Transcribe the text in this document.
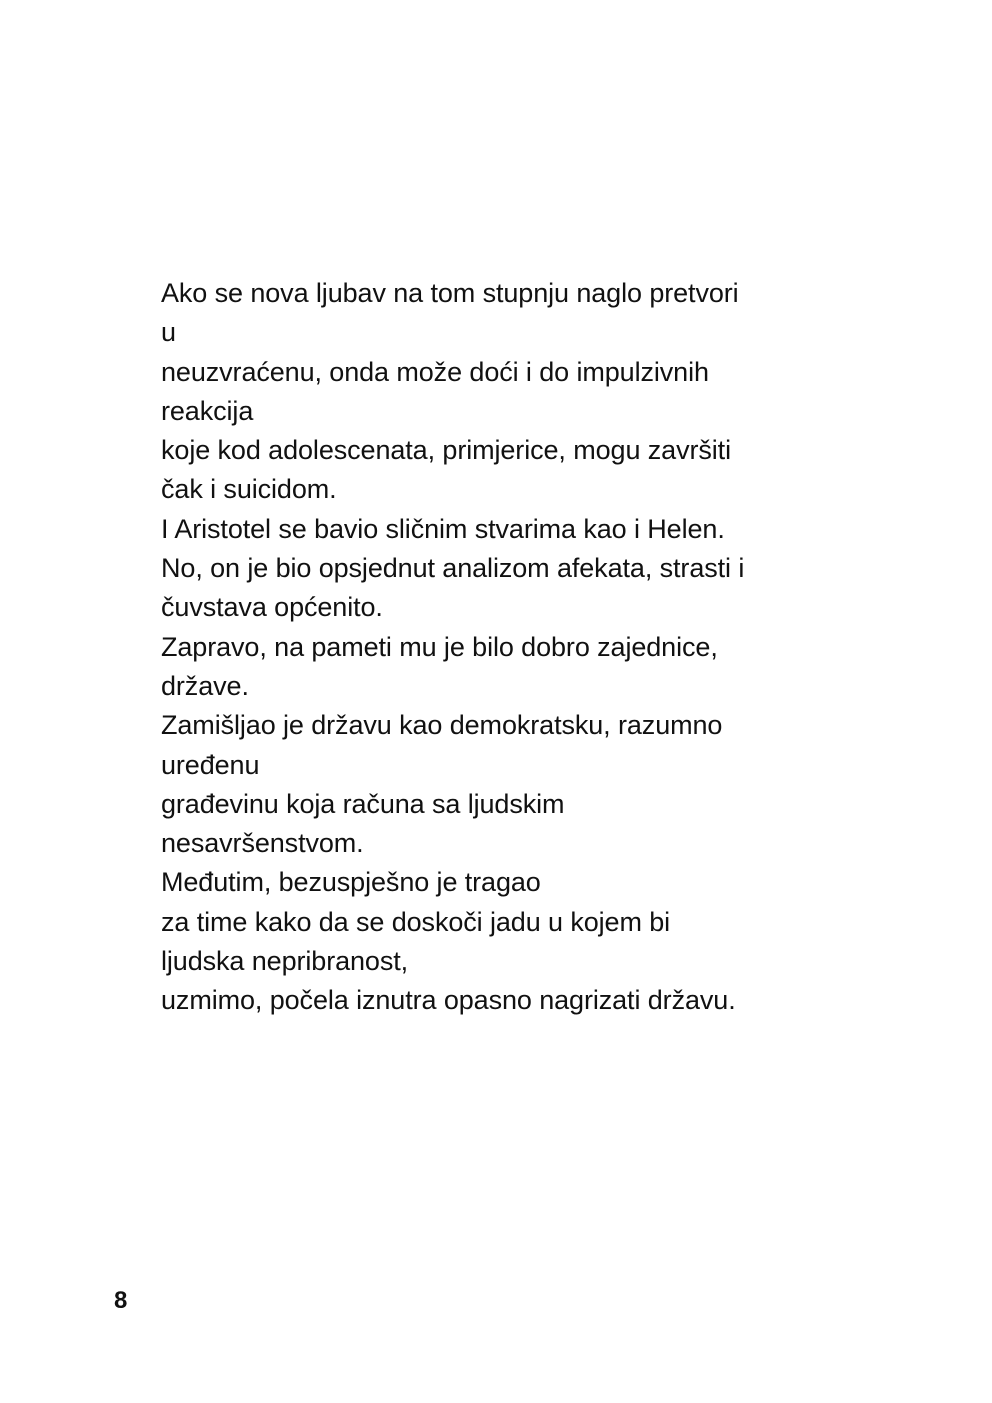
Ako se nova ljubav na tom stupnju naglo pretvori
u
neuzvraćenu, onda može doći i do impulzivnih
reakcija
koje kod adolescenata, primjerice, mogu završiti
čak i suicidom.
I Aristotel se bavio sličnim stvarima kao i Helen.
No, on je bio opsjednut analizom afekata, strasti i
čuvstava općenito.
Zapravo, na pameti mu je bilo dobro zajednice,
države.
Zamišljao je državu kao demokratsku, razumno
uređenu
građevinu koja računa sa ljudskim
nesavršenstvom.
Međutim, bezuspješno je tragao
za time kako da se doskoči jadu u kojem bi
ljudska nepribranost,
uzmimo, počela iznutra opasno nagrizati državu.
8
